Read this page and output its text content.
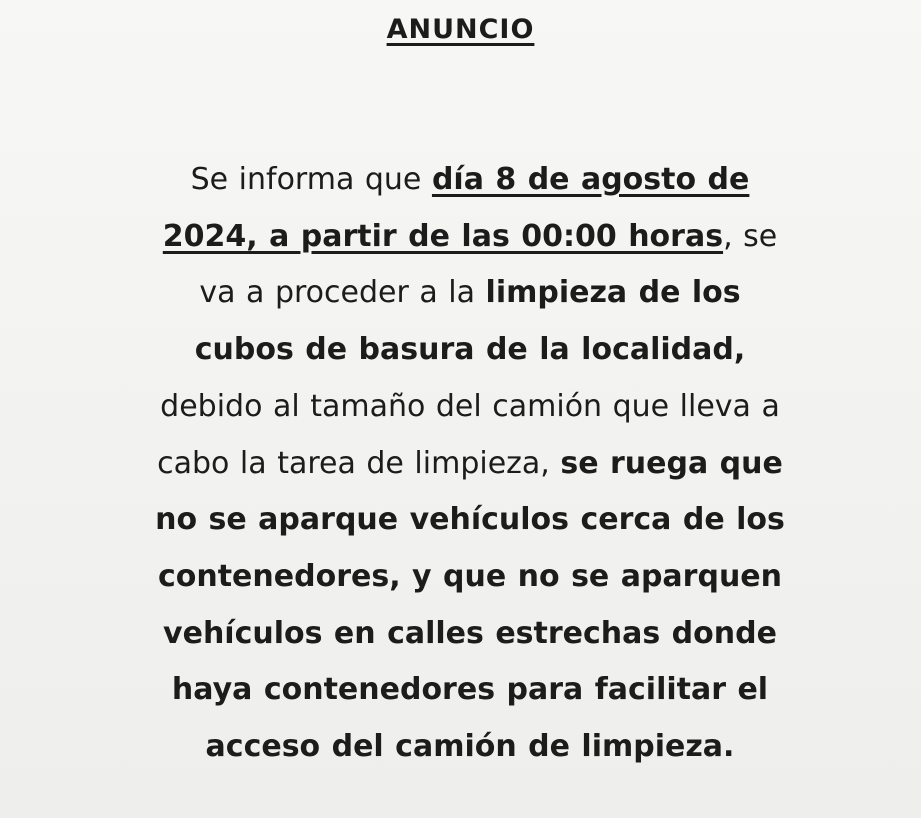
ANUNCIO
Se informa que día 8 de agosto de
2024, a partir de las 00:00 horas, se
va a proceder a la limpieza de los
cubos de basura de la localidad,
debido al tamaño del camión que lleva a
cabo la tarea de limpieza, se ruega que
no se aparque vehículos cerca de los
contenedores, y que no se aparquen
vehículos en calles estrechas donde
haya contenedores para facilitar el
acceso del camión de limpieza.
